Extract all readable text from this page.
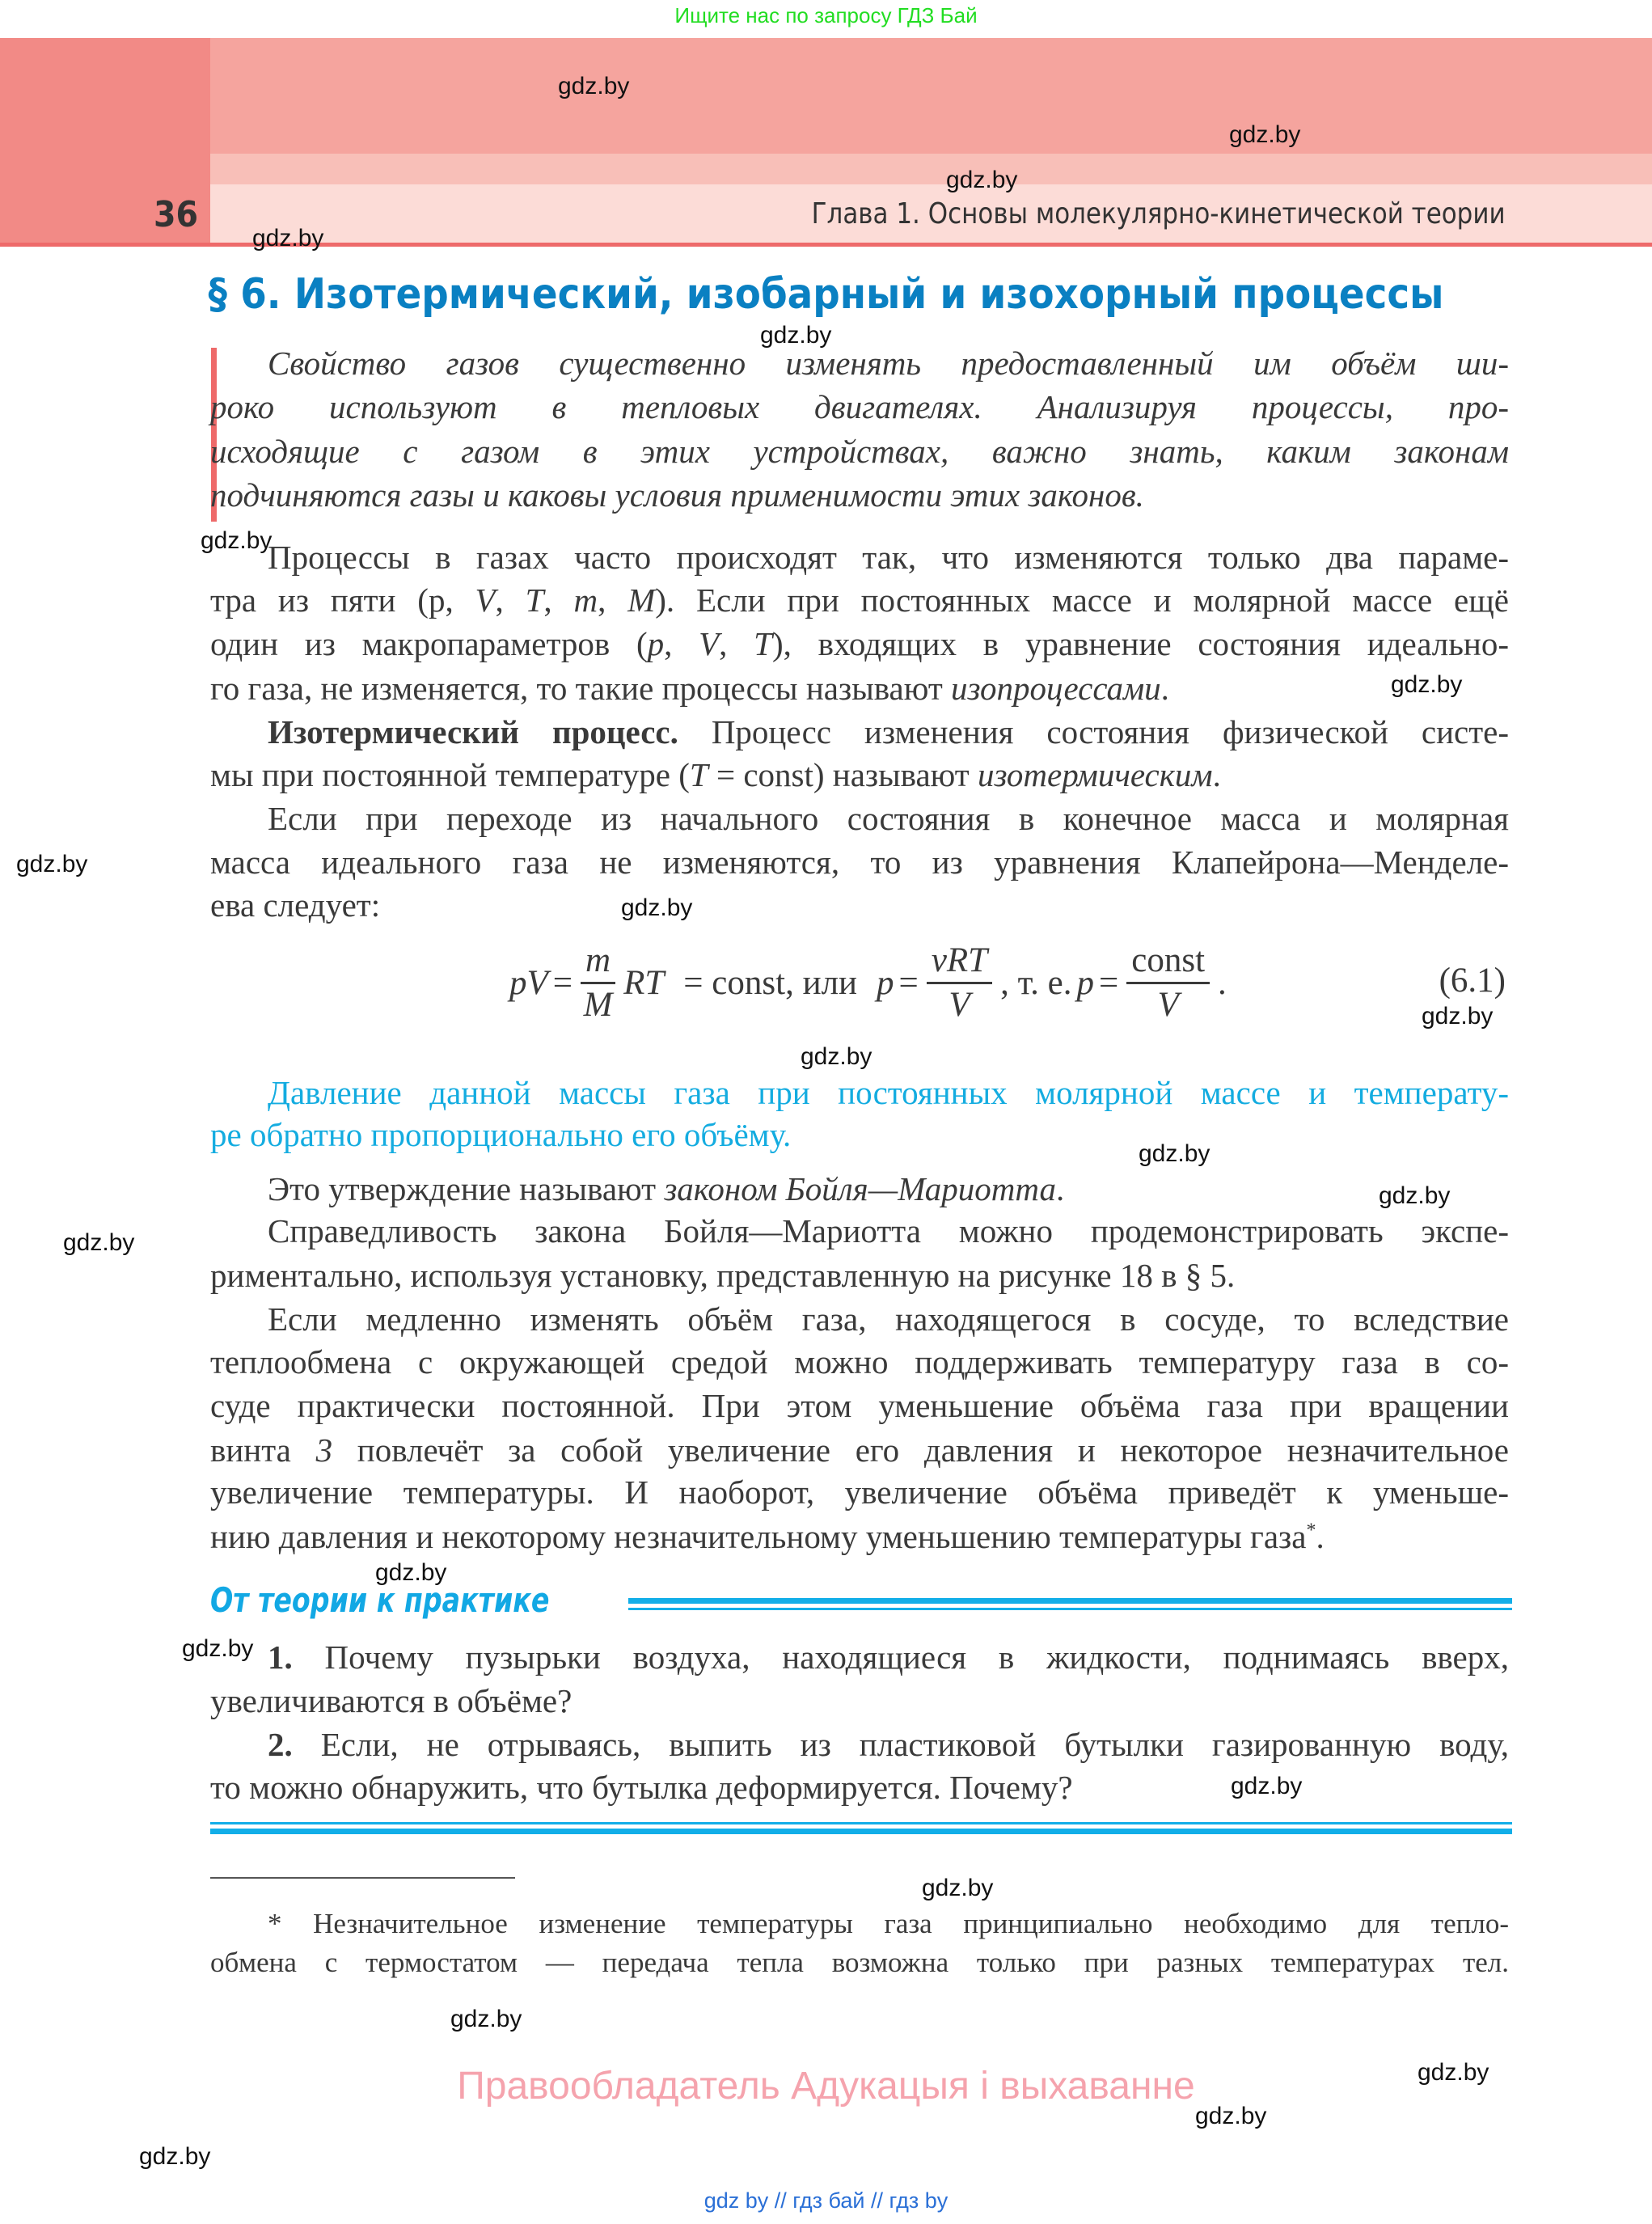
Ищите нас по запросу ГДЗ Бай
36	Глава 1. Основы молекулярно-кинетической теории
§ 6. Изотермический, изобарный и изохорный процессы
Свойство газов существенно изменять предоставленный им объём ши-
роко используют в тепловых двигателях. Анализируя процессы, про-
исходящие с газом в этих устройствах, важно знать, каким законам
подчиняются газы и каковы условия применимости этих законов.
Процессы в газах часто происходят так, что изменяются только два параме-
тра из пяти (p, V, T, m, M). Если при постоянных массе и молярной массе ещё
один из макропараметров (p, V, T), входящих в уравнение состояния идеально-
го газа, не изменяется, то такие процессы называют изопроцессами.
Изотермический процесс. Процесс изменения состояния физической систе-
мы при постоянной температуре (T = const) называют изотермическим.
Если при переходе из начального состояния в конечное масса и молярная
масса идеального газа не изменяются, то из уравнения Клапейрона—Менделе-
ева следует:
Давление данной массы газа при постоянных молярной массе и температу-
ре обратно пропорционально его объёму.
Это утверждение называют законом Бойля—Мариотта.
Справедливость закона Бойля—Мариотта можно продемонстрировать экспе-
риментально, используя установку, представленную на рисунке 18 в § 5.
Если медленно изменять объём газа, находящегося в сосуде, то вследствие
теплообмена с окружающей средой можно поддерживать температуру газа в со-
суде практически постоянной. При этом уменьшение объёма газа при вращении
винта 3 повлечёт за собой увеличение его давления и некоторое незначительное
увеличение температуры. И наоборот, увеличение объёма приведёт к уменьше-
нию давления и некоторому незначительному уменьшению температуры газа*.
1. Почему пузырьки воздуха, находящиеся в жидкости, поднимаясь вверх,
увеличиваются в объёме?
2. Если, не отрываясь, выпить из пластиковой бутылки газированную воду,
то можно обнаружить, что бутылка деформируется. Почему?
* Незначительное изменение температуры газа принципиально необходимо для тепло-
обмена с термостатом — передача тепла возможна только при разных температурах тел.
pV = $\frac{m}{M}$ RT = const, или $p = \frac{\text{νRT}}{V}$ , т. е. $p = \frac{\text{const}}{V}$ .	(6.1)
От теории к практике
Правообладатель Адукацыя і выхаванне
gdz by // гдз бай // гдз by
gdz.by
gdz.by
gdz.by
gdz.by
gdz.by
gdz.by
gdz.by
gdz.by
gdz.by
gdz.by
gdz.by
gdz.by
gdz.by
gdz.by
gdz.by
gdz.by
gdz.by
gdz.by
gdz.by
gdz.by
gdz.by
gdz.by
